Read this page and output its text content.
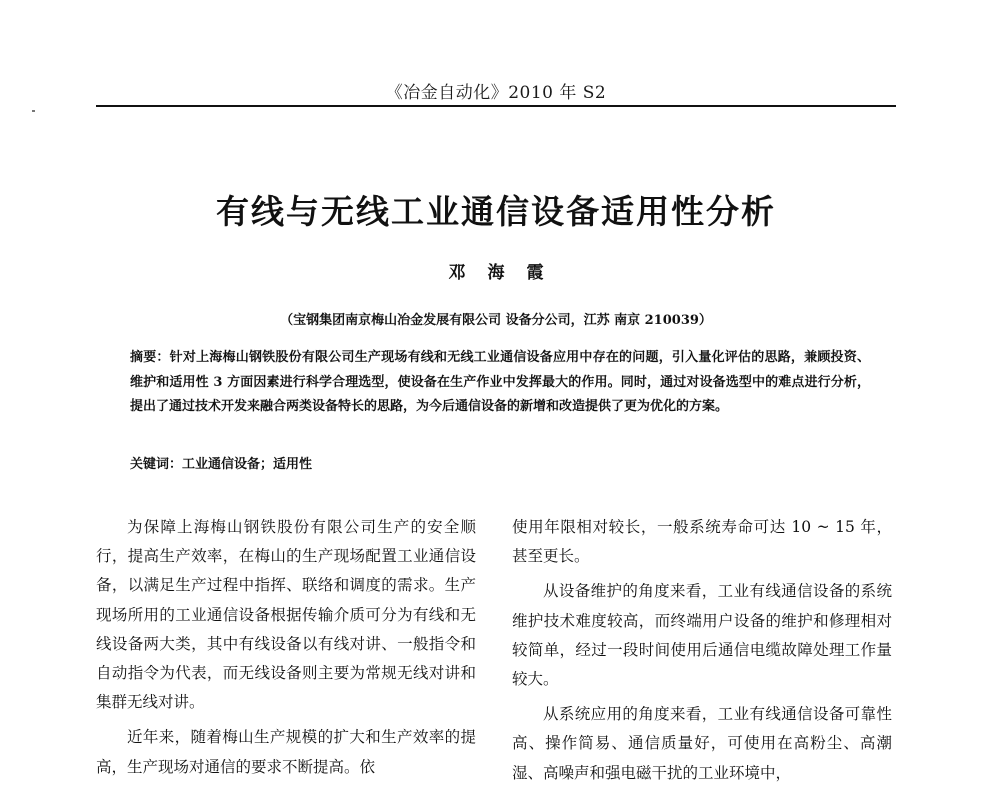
《冶金自动化》2010 年 S2
有线与无线工业通信设备适用性分析
邓海霞
（宝钢集团南京梅山冶金发展有限公司 设备分公司，江苏 南京 210039）
摘要：针对上海梅山钢铁股份有限公司生产现场有线和无线工业通信设备应用中存在的问题，引入量化评估的思路，兼顾投资、维护和适用性 3 方面因素进行科学合理选型，使设备在生产作业中发挥最大的作用。同时，通过对设备选型中的难点进行分析，提出了通过技术开发来融合两类设备特长的思路，为今后通信设备的新增和改造提供了更为优化的方案。
关键词：工业通信设备；适用性

为保障上海梅山钢铁股份有限公司生产的安全顺行，提高生产效率，在梅山的生产现场配置工业通信设备，以满足生产过程中指挥、联络和调度的需求。生产现场所用的工业通信设备根据传输介质可分为有线和无线设备两大类，其中有线设备以有线对讲、一般指令和自动指令为代表，而无线设备则主要为常规无线对讲和集群无线对讲。

近年来，随着梅山生产规模的扩大和生产效率的提高，生产现场对通信的要求不断提高。依

使用年限相对较长，一般系统寿命可达 10 ~ 15 年，甚至更长。

从设备维护的角度来看，工业有线通信设备的系统维护技术难度较高，而终端用户设备的维护和修理相对较简单，经过一段时间使用后通信电缆故障处理工作量较大。

从系统应用的角度来看，工业有线通信设备可靠性高、操作简易、通信质量好，可使用在高粉尘、高潮湿、高噪声和强电磁干扰的工业环境中，
